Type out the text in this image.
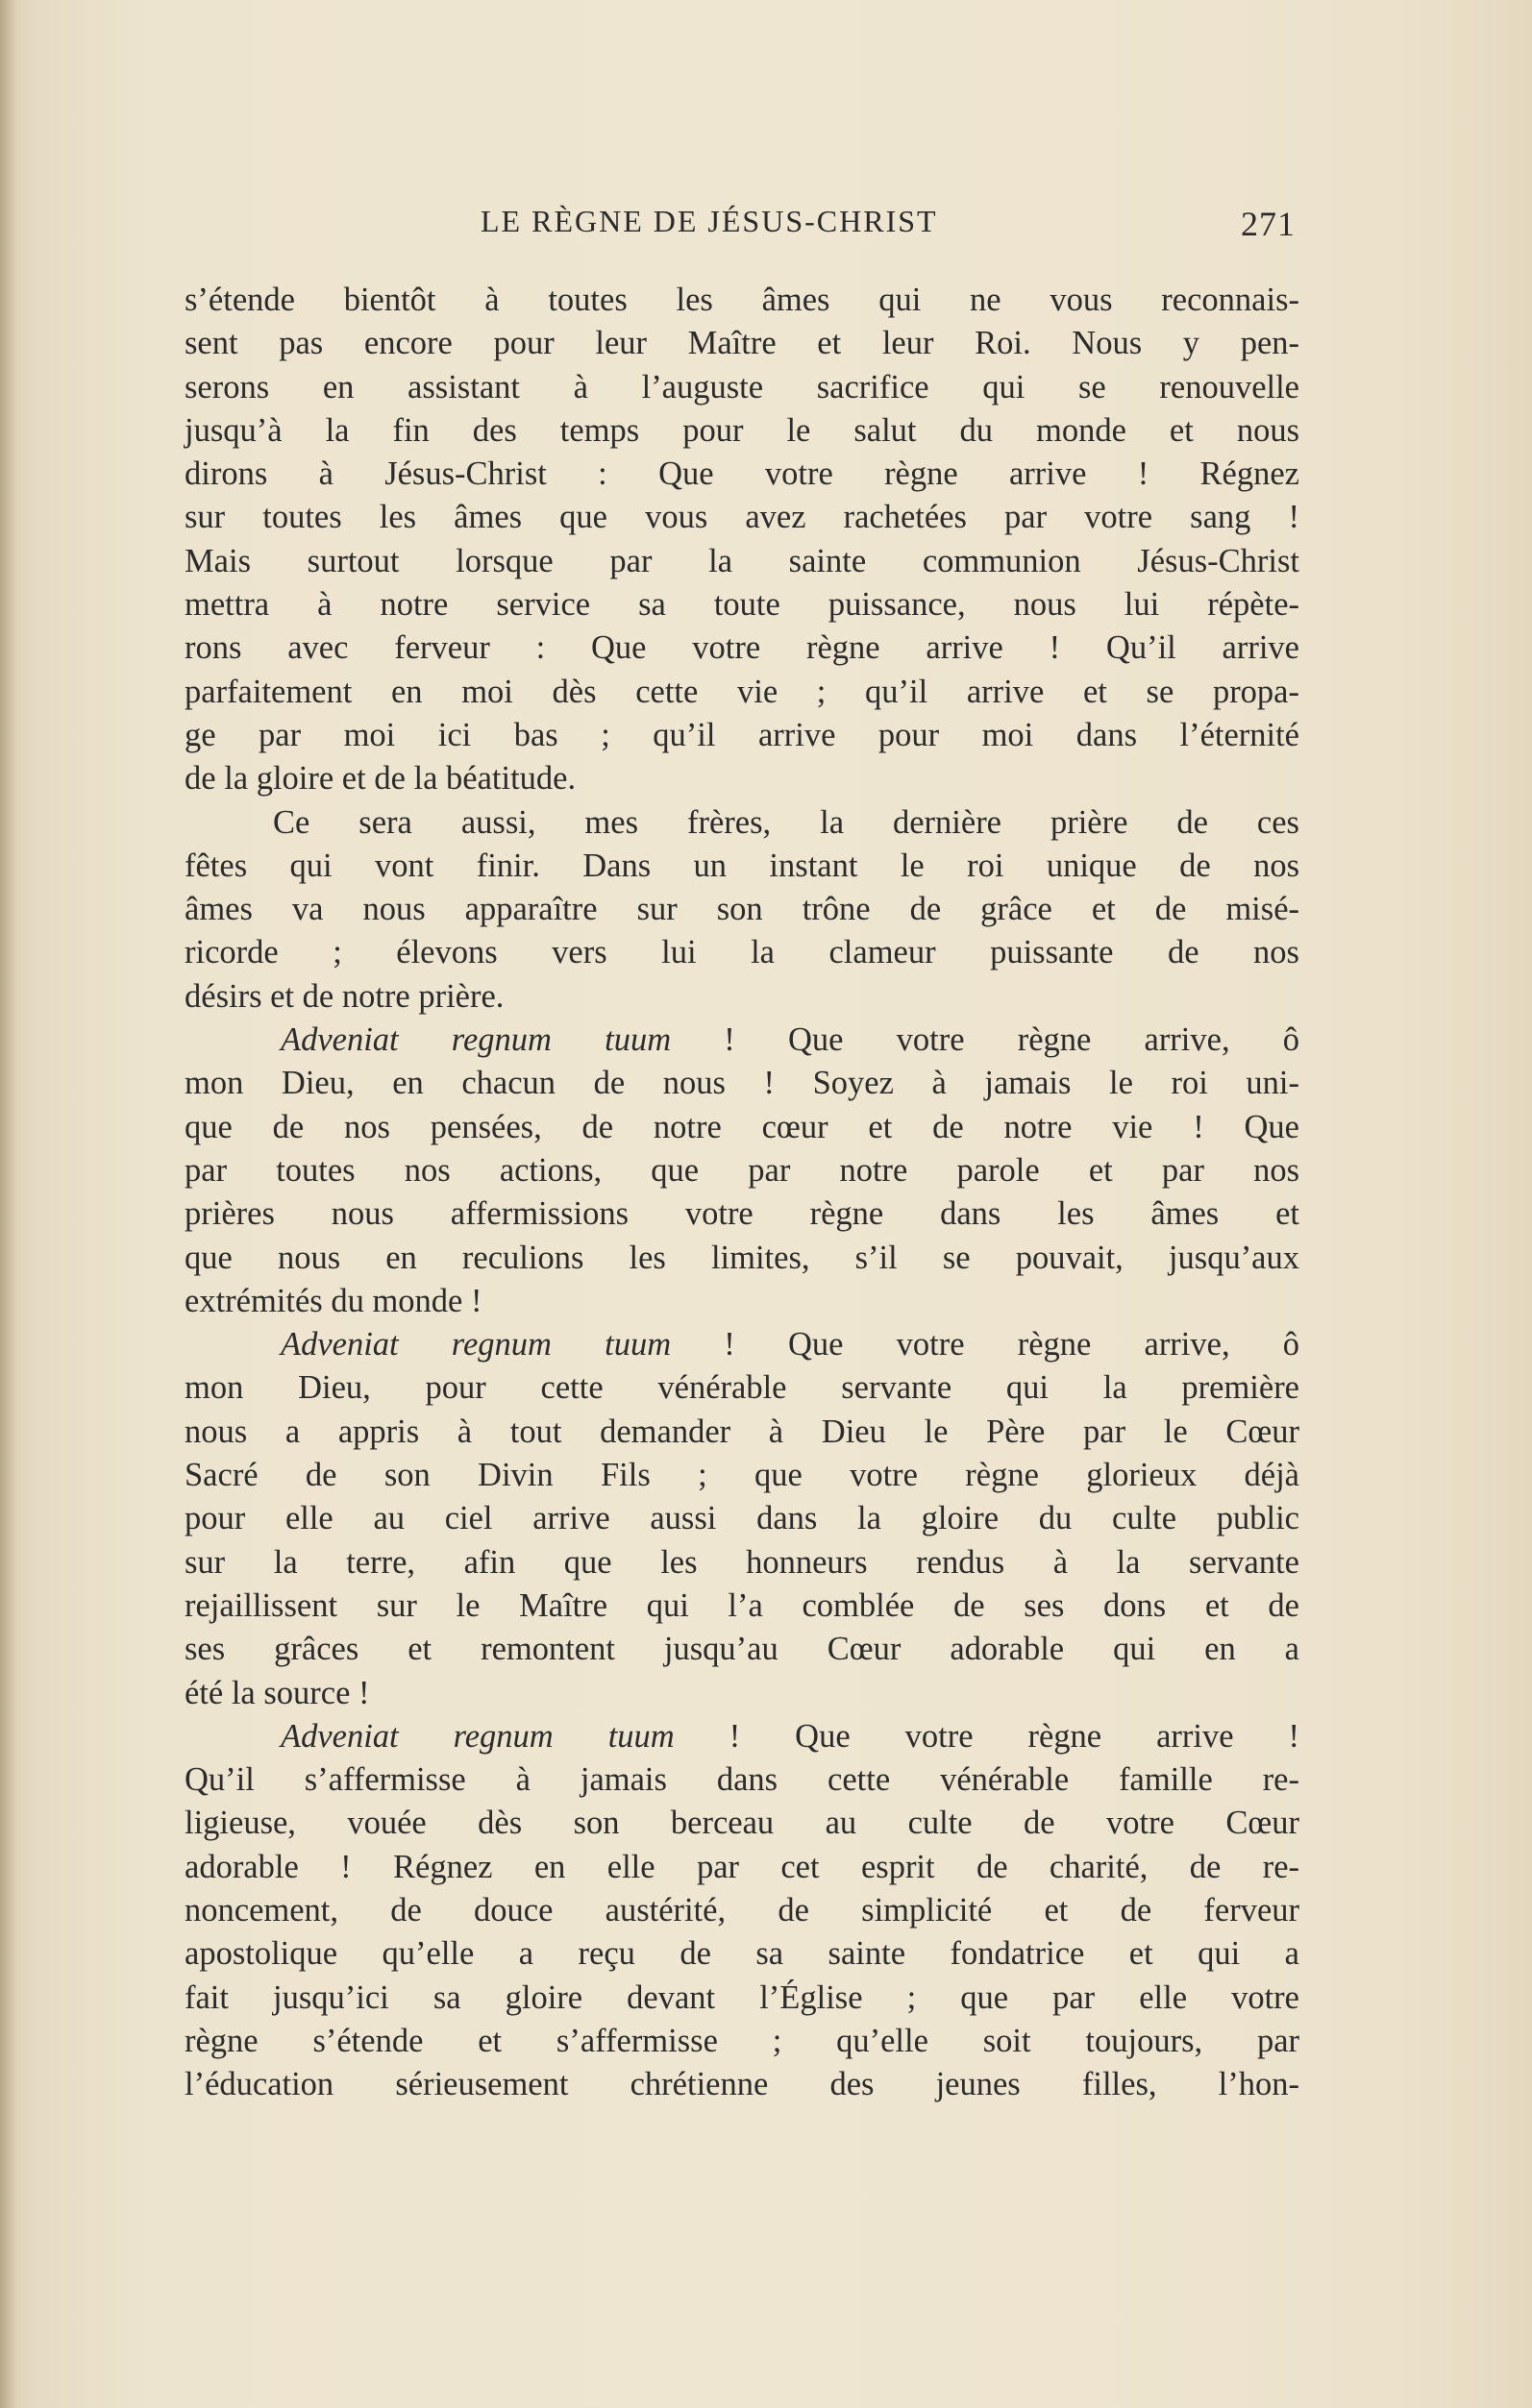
LE RÈGNE DE JÉSUS-CHRIST	271
s’étende bientôt à toutes les âmes qui ne vous reconnais-
sent pas encore pour leur Maître et leur Roi. Nous y pen-
serons en assistant à l’auguste sacrifice qui se renouvelle
jusqu’à la fin des temps pour le salut du monde et nous
dirons à Jésus-Christ : Que votre règne arrive ! Régnez
sur toutes les âmes que vous avez rachetées par votre sang !
Mais surtout lorsque par la sainte communion Jésus-Christ
mettra à notre service sa toute puissance, nous lui répète-
rons avec ferveur : Que votre règne arrive ! Qu’il arrive
parfaitement en moi dès cette vie ; qu’il arrive et se propa-
ge par moi ici bas ; qu’il arrive pour moi dans l’éternité
de la gloire et de la béatitude.
Ce sera aussi, mes frères, la dernière prière de ces
fêtes qui vont finir. Dans un instant le roi unique de nos
âmes va nous apparaître sur son trône de grâce et de misé-
ricorde ; élevons vers lui la clameur puissante de nos
désirs et de notre prière.
Adveniat regnum tuum ! Que votre règne arrive, ô
mon Dieu, en chacun de nous ! Soyez à jamais le roi uni-
que de nos pensées, de notre cœur et de notre vie ! Que
par toutes nos actions, que par notre parole et par nos
prières nous affermissions votre règne dans les âmes et
que nous en reculions les limites, s’il se pouvait, jusqu’aux
extrémités du monde !
Adveniat regnum tuum ! Que votre règne arrive, ô
mon Dieu, pour cette vénérable servante qui la première
nous a appris à tout demander à Dieu le Père par le Cœur
Sacré de son Divin Fils ; que votre règne glorieux déjà
pour elle au ciel arrive aussi dans la gloire du culte public
sur la terre, afin que les honneurs rendus à la servante
rejaillissent sur le Maître qui l’a comblée de ses dons et de
ses grâces et remontent jusqu’au Cœur adorable qui en a
été la source !
Adveniat regnum tuum ! Que votre règne arrive !
Qu’il s’affermisse à jamais dans cette vénérable famille re-
ligieuse, vouée dès son berceau au culte de votre Cœur
adorable ! Régnez en elle par cet esprit de charité, de re-
noncement, de douce austérité, de simplicité et de ferveur
apostolique qu’elle a reçu de sa sainte fondatrice et qui a
fait jusqu’ici sa gloire devant l’Église ; que par elle votre
règne s’étende et s’affermisse ; qu’elle soit toujours, par
l’éducation sérieusement chrétienne des jeunes filles, l’hon-
